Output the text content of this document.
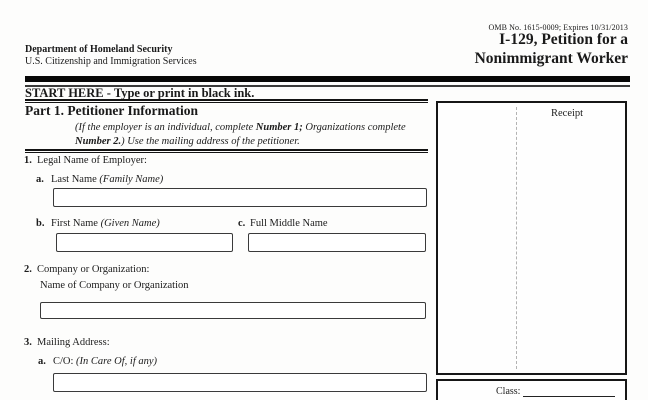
OMB No. 1615-0009; Expires 10/31/2013
I-129, Petition for a
Nonimmigrant Worker
Department of Homeland Security
U.S. Citizenship and Immigration Services
START HERE - Type or print in black ink.
Part 1. Petitioner Information
(If the employer is an individual, complete Number 1; Organizations complete Number 2.) Use the mailing address of the petitioner.
1. Legal Name of Employer:
a. Last Name (Family Name)
b. First Name (Given Name)	c. Full Middle Name
2. Company or Organization:
Name of Company or Organization
3. Mailing Address:
a. C/O: (In Care Of, if any)
Receipt
Class:
